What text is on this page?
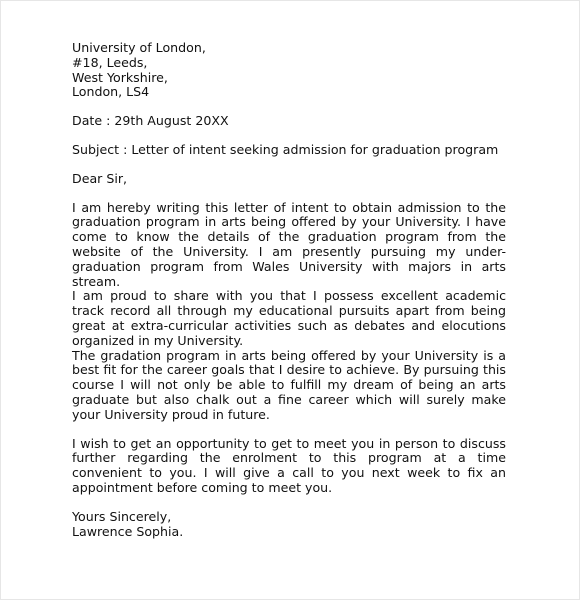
University of London,
#18, Leeds,
West Yorkshire,
London, LS4
Date : 29th August 20XX
Subject : Letter of intent seeking admission for graduation program
Dear Sir,

I am hereby writing this letter of intent to obtain admission to the graduation program in arts being offered by your University. I have come to know the details of the graduation program from the website of the University. I am presently pursuing my under-graduation program from Wales University with majors in arts stream.

I am proud to share with you that I possess excellent academic track record all through my educational pursuits apart from being great at extra-curricular activities such as debates and elocutions organized in my University.

The gradation program in arts being offered by your University is a best fit for the career goals that I desire to achieve. By pursuing this course I will not only be able to fulfill my dream of being an arts graduate but also chalk out a fine career which will surely make your University proud in future.

I wish to get an opportunity to get to meet you in person to discuss further regarding the enrolment to this program at a time convenient to you. I will give a call to you next week to fix an appointment before coming to meet you.

Yours Sincerely,
Lawrence Sophia.
